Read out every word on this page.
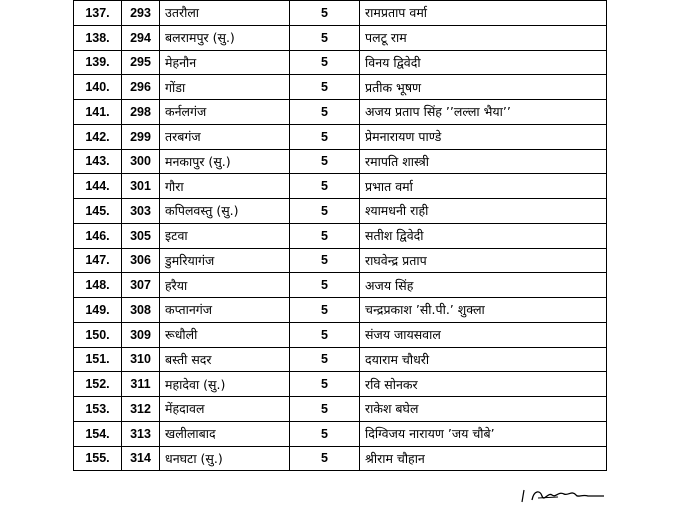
137.	293	उतरौला	5	रामप्रताप वर्मा
138.	294	बलरामपुर (सु.)	5	पलटू राम
139.	295	मेहनौन	5	विनय द्विवेदी
140.	296	गोंडा	5	प्रतीक भूषण
141.	298	कर्नलगंज	5	अजय प्रताप सिंह ’’लल्ला भैया’’
142.	299	तरबगंज	5	प्रेमनारायण पाण्डे
143.	300	मनकापुर (सु.)	5	रमापति शास्त्री
144.	301	गौरा	5	प्रभात वर्मा
145.	303	कपिलवस्तु (सु.)	5	श्यामधनी राही
146.	305	इटवा	5	सतीश द्विवेदी
147.	306	डुमरियागंज	5	राघवेन्द्र प्रताप
148.	307	हरैया	5	अजय सिंह
149.	308	कप्तानगंज	5	चन्द्रप्रकाश ’सी.पी.’ शुक्ला
150.	309	रूधौली	5	संजय जायसवाल
151.	310	बस्ती सदर	5	दयाराम चौधरी
152.	311	महादेवा (सु.)	5	रवि सोनकर
153.	312	मेंहदावल	5	राकेश बघेल
154.	313	खलीलाबाद	5	दिग्विजय नारायण ’जय चौबे’
155.	314	धनघटा (सु.)	5	श्रीराम चौहान
